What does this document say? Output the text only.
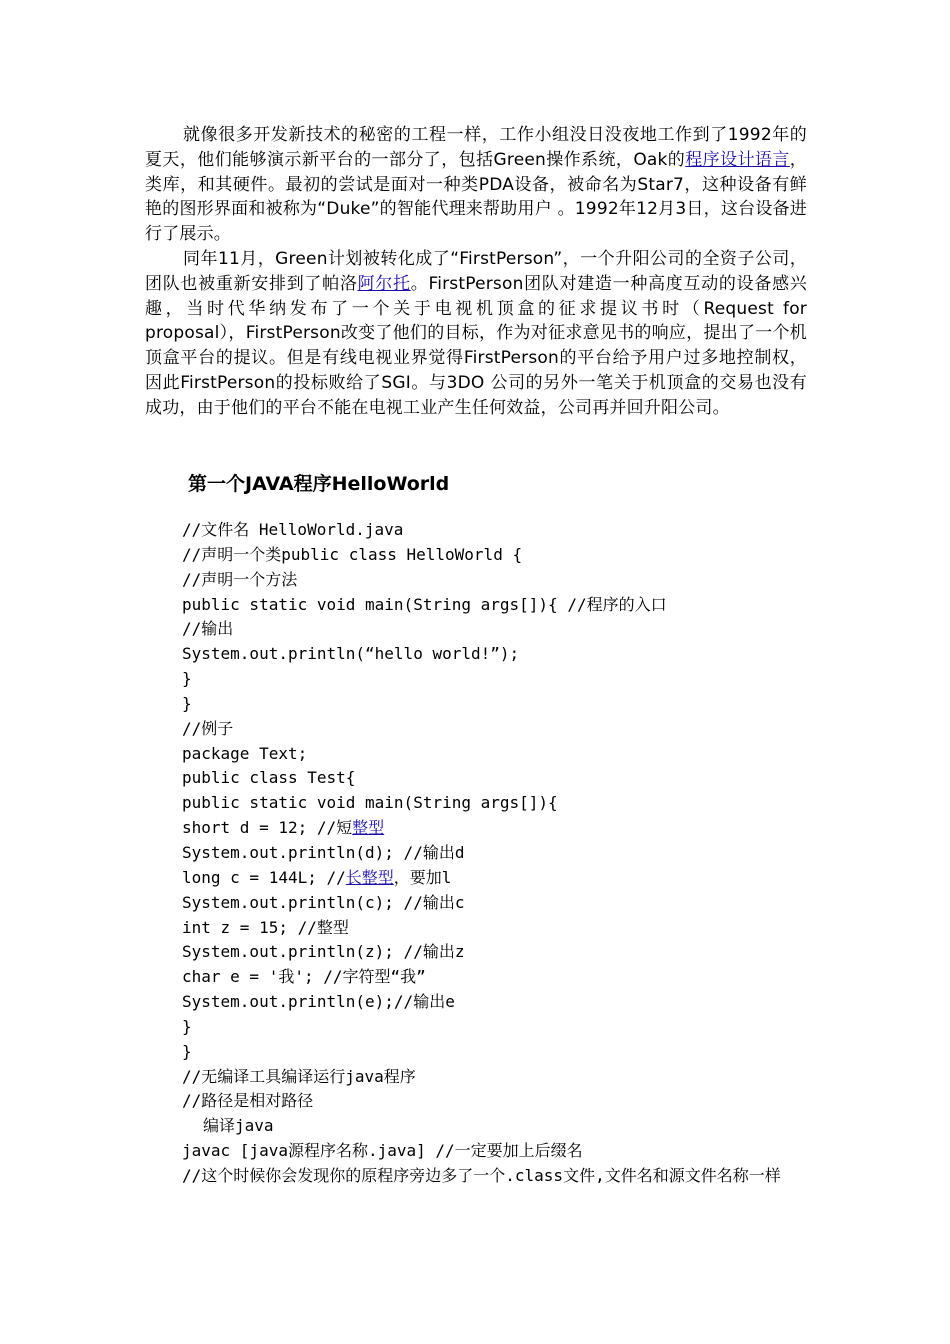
就像很多开发新技术的秘密的工程一样，工作小组没日没夜地工作到了1992年的夏天，他们能够演示新平台的一部分了，包括Green操作系统，Oak的程序设计语言，类库，和其硬件。最初的尝试是面对一种类PDA设备，被命名为Star7，这种设备有鲜艳的图形界面和被称为“Duke”的智能代理来帮助用户 。1992年12月3日，这台设备进行了展示。

同年11月，Green计划被转化成了“FirstPerson”，一个升阳公司的全资子公司，团队也被重新安排到了帕洛阿尔托。FirstPerson团队对建造一种高度互动的设备感兴趣，当时代华纳发布了一个关于电视机顶盒的征求提议书时（Request for proposal），FirstPerson改变了他们的目标，作为对征求意见书的响应，提出了一个机顶盒平台的提议。但是有线电视业界觉得FirstPerson的平台给予用户过多地控制权，因此FirstPerson的投标败给了SGI。与3DO 公司的另外一笔关于机顶盒的交易也没有成功，由于他们的平台不能在电视工业产生任何效益，公司再并回升阳公司。

第一个JAVA程序HelloWorld
//文件名 HelloWorld.java
//声明一个类public class HelloWorld {
//声明一个方法
public static void main(String args[]){ //程序的入口
//输出
System.out.println(“hello world!”);
}
}
//例子
package Text;
public class Test{
public static void main(String args[]){
short d = 12; //短整型
System.out.println(d); //输出d
long c = 144L; //长整型，要加l
System.out.println(c); //输出c
int z = 15; //整型
System.out.println(z); //输出z
char e = '我'; //字符型“我”
System.out.println(e);//输出e
}
}
//无编译工具编译运行java程序
//路径是相对路径
编译java
javac [java源程序名称.java] //一定要加上后缀名
//这个时候你会发现你的原程序旁边多了一个.class文件,文件名和源文件名称一样
